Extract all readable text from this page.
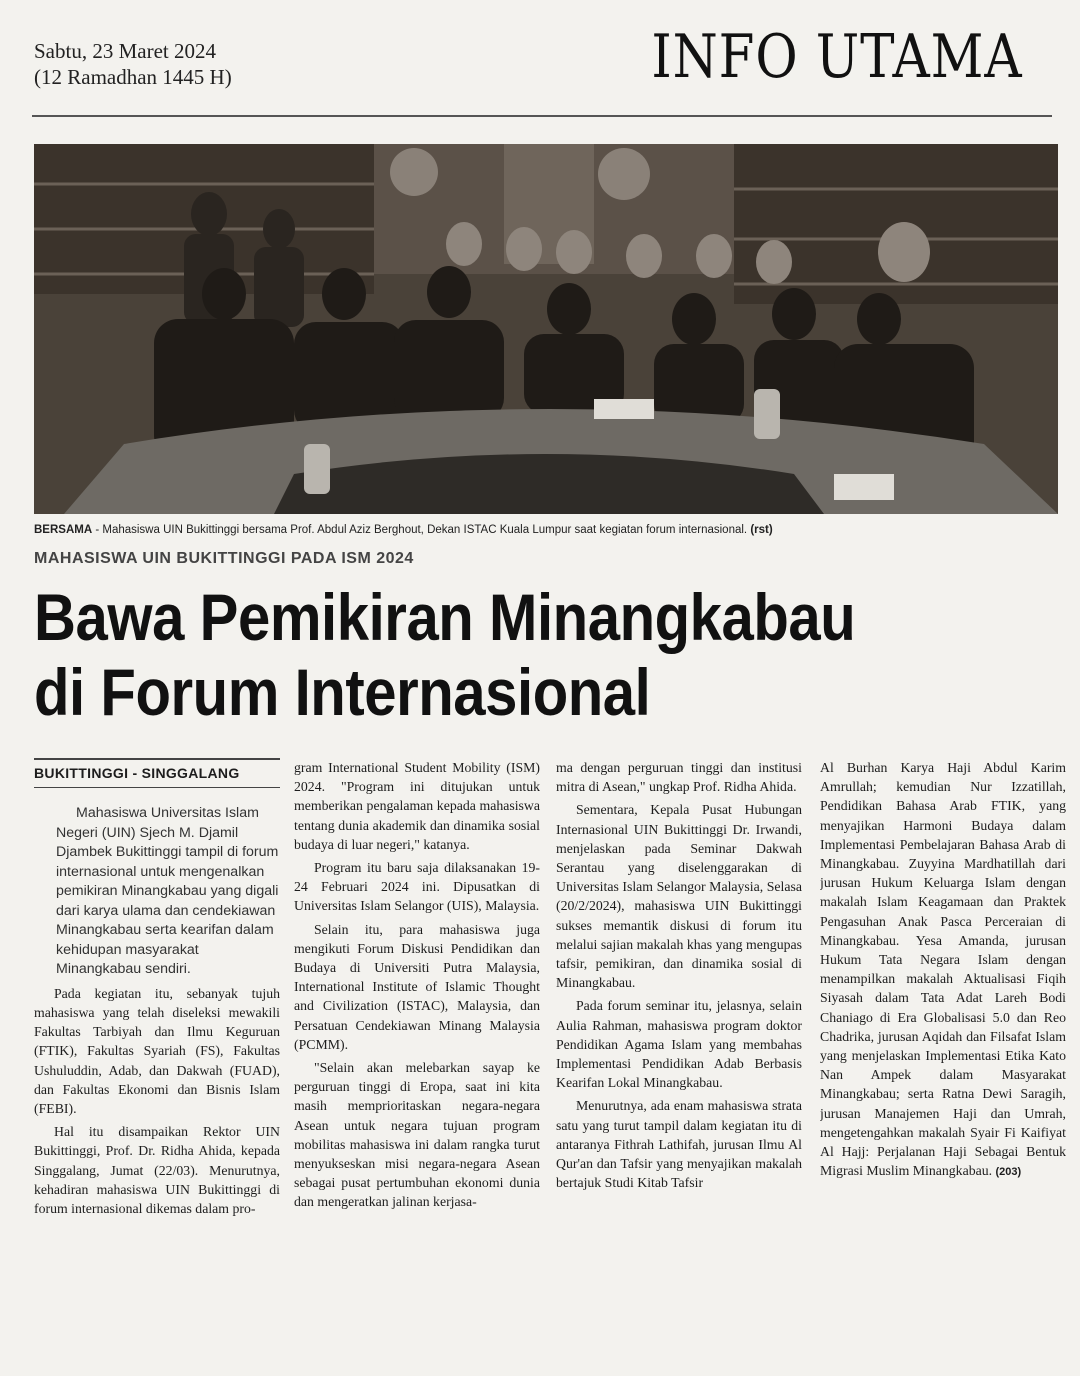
Sabtu, 23 Maret 2024
(12 Ramadhan 1445 H)	INFO UTAMA
BERSAMA - Mahasiswa UIN Bukittinggi bersama Prof. Abdul Aziz Berghout, Dekan ISTAC Kuala Lumpur saat kegiatan forum internasional. (rst)
MAHASISWA UIN BUKITTINGGI PADA ISM 2024
Bawa Pemikiran Minangkabau
di Forum Internasional
BUKITTINGGI - SINGGALANG

Mahasiswa Universitas Islam Negeri (UIN) Sjech M. Djamil Djambek Bukittinggi tampil di forum internasional untuk mengenalkan pemikiran Minangkabau yang digali dari karya ulama dan cendekiawan Minangkabau serta kearifan dalam kehidupan masyarakat Minangkabau sendiri.

Pada kegiatan itu, sebanyak tujuh mahasiswa yang telah diseleksi mewakili Fakultas Tarbiyah dan Ilmu Keguruan (FTIK), Fakultas Syariah (FS), Fakultas Ushuluddin, Adab, dan Dakwah (FUAD), dan Fakultas Ekonomi dan Bisnis Islam (FEBI).

Hal itu disampaikan Rektor UIN Bukittinggi, Prof. Dr. Ridha Ahida, kepada Singgalang, Jumat (22/03). Menurutnya, kehadiran mahasiswa UIN Bukittinggi di forum internasional dikemas dalam pro-

gram International Student Mobility (ISM) 2024. "Program ini ditujukan untuk memberikan pengalaman kepada mahasiswa tentang dunia akademik dan dinamika sosial budaya di luar negeri," katanya.

Program itu baru saja dilaksanakan 19-24 Februari 2024 ini. Dipusatkan di Universitas Islam Selangor (UIS), Malaysia.

Selain itu, para mahasiswa juga mengikuti Forum Diskusi Pendidikan dan Budaya di Universiti Putra Malaysia, International Institute of Islamic Thought and Civilization (ISTAC), Malaysia, dan Persatuan Cendekiawan Minang Malaysia (PCMM).

"Selain akan melebarkan sayap ke perguruan tinggi di Eropa, saat ini kita masih memprioritaskan negara-negara Asean untuk negara tujuan program mobilitas mahasiswa ini dalam rangka turut menyukseskan misi negara-negara Asean sebagai pusat pertumbuhan ekonomi dunia dan mengeratkan jalinan kerjasa-

ma dengan perguruan tinggi dan institusi mitra di Asean," ungkap Prof. Ridha Ahida.

Sementara, Kepala Pusat Hubungan Internasional UIN Bukittinggi Dr. Irwandi, menjelaskan pada Seminar Dakwah Serantau yang diselenggarakan di Universitas Islam Selangor Malaysia, Selasa (20/2/2024), mahasiswa UIN Bukittinggi sukses memantik diskusi di forum itu melalui sajian makalah khas yang mengupas tafsir, pemikiran, dan dinamika sosial di Minangkabau.

Pada forum seminar itu, jelasnya, selain Aulia Rahman, mahasiswa program doktor Pendidikan Agama Islam yang membahas Implementasi Pendidikan Adab Berbasis Kearifan Lokal Minangkabau.

Menurutnya, ada enam mahasiswa strata satu yang turut tampil dalam kegiatan itu di antaranya Fithrah Lathifah, jurusan Ilmu Al Qur'an dan Tafsir yang menyajikan makalah bertajuk Studi Kitab Tafsir

Al Burhan Karya Haji Abdul Karim Amrullah; kemudian Nur Izzatillah, Pendidikan Bahasa Arab FTIK, yang menyajikan Harmoni Budaya dalam Implementasi Pembelajaran Bahasa Arab di Minangkabau. Zuyyina Mardhatillah dari jurusan Hukum Keluarga Islam dengan makalah Islam Keagamaan dan Praktek Pengasuhan Anak Pasca Perceraian di Minangkabau. Yesa Amanda, jurusan Hukum Tata Negara Islam dengan menampilkan makalah Aktualisasi Fiqih Siyasah dalam Tata Adat Lareh Bodi Chaniago di Era Globalisasi 5.0 dan Reo Chadrika, jurusan Aqidah dan Filsafat Islam yang menjelaskan Implementasi Etika Kato Nan Ampek dalam Masyarakat Minangkabau; serta Ratna Dewi Saragih, jurusan Manajemen Haji dan Umrah, mengetengahkan makalah Syair Fi Kaifiyat Al Hajj: Perjalanan Haji Sebagai Bentuk Migrasi Muslim Minangkabau. (203)
